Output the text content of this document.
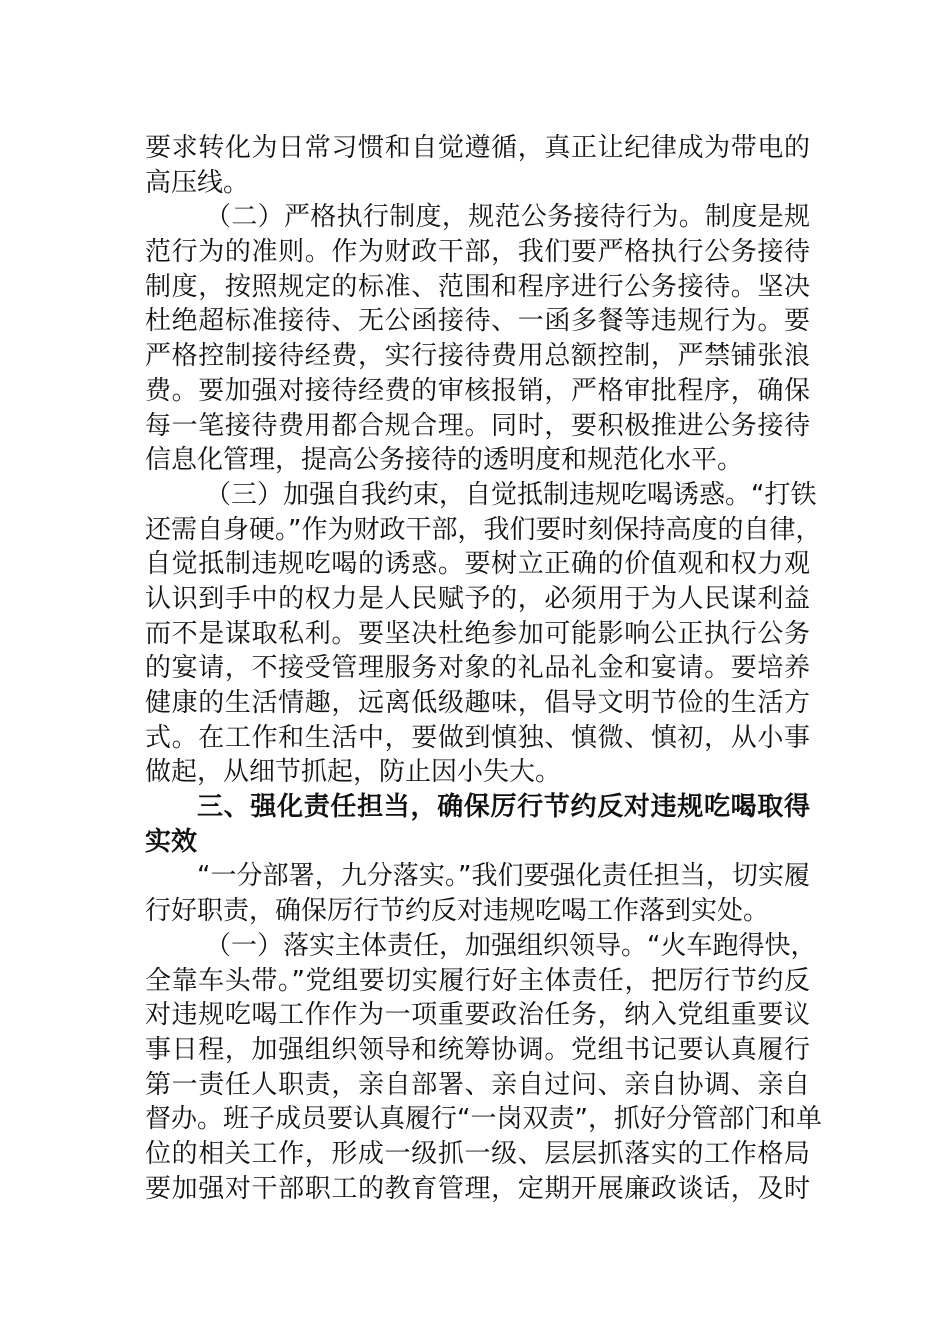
要求转化为日常习惯和自觉遵循，真正让纪律成为带电的
高压线。
（二）严格执行制度，规范公务接待行为。制度是规
范行为的准则。作为财政干部，我们要严格执行公务接待
制度，按照规定的标准、范围和程序进行公务接待。坚决
杜绝超标准接待、无公函接待、一函多餐等违规行为。要
严格控制接待经费，实行接待费用总额控制，严禁铺张浪
费。要加强对接待经费的审核报销，严格审批程序，确保
每一笔接待费用都合规合理。同时，要积极推进公务接待
信息化管理，提高公务接待的透明度和规范化水平。
（三）加强自我约束，自觉抵制违规吃喝诱惑。“打铁
还需自身硬。”作为财政干部，我们要时刻保持高度的自律，
自觉抵制违规吃喝的诱惑。要树立正确的价值观和权力观
认识到手中的权力是人民赋予的，必须用于为人民谋利益
而不是谋取私利。要坚决杜绝参加可能影响公正执行公务
的宴请，不接受管理服务对象的礼品礼金和宴请。要培养
健康的生活情趣，远离低级趣味，倡导文明节俭的生活方
式。在工作和生活中，要做到慎独、慎微、慎初，从小事
做起，从细节抓起，防止因小失大。
三、强化责任担当，确保厉行节约反对违规吃喝取得
实效
“一分部署，九分落实。”我们要强化责任担当，切实履
行好职责，确保厉行节约反对违规吃喝工作落到实处。
（一）落实主体责任，加强组织领导。“火车跑得快，
全靠车头带。”党组要切实履行好主体责任，把厉行节约反
对违规吃喝工作作为一项重要政治任务，纳入党组重要议
事日程，加强组织领导和统筹协调。党组书记要认真履行
第一责任人职责，亲自部署、亲自过问、亲自协调、亲自
督办。班子成员要认真履行“一岗双责”，抓好分管部门和单
位的相关工作，形成一级抓一级、层层抓落实的工作格局
要加强对干部职工的教育管理，定期开展廉政谈话，及时
